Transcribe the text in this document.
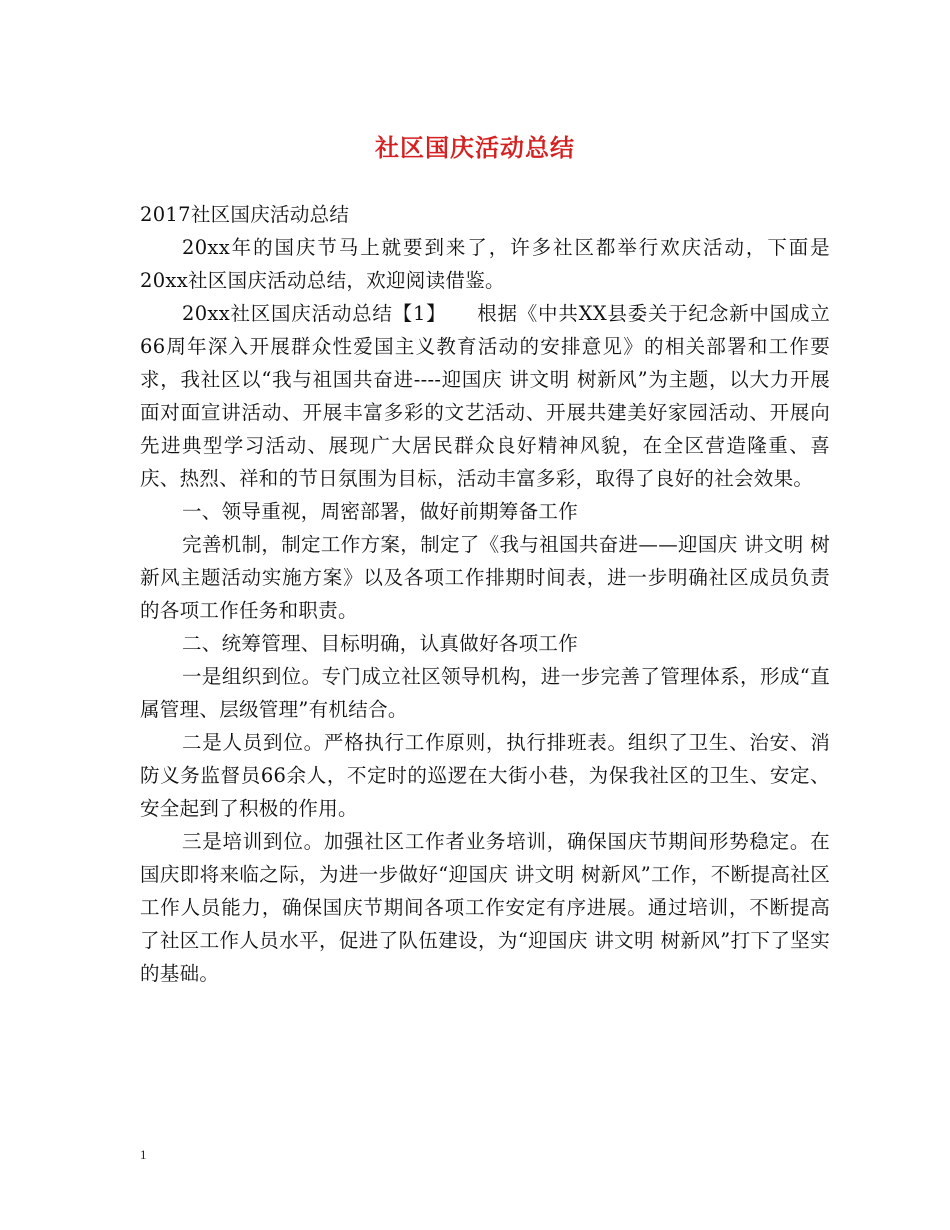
社区国庆活动总结

2017社区国庆活动总结

20xx年的国庆节马上就要到来了，许多社区都举行欢庆活动，下面是20xx社区国庆活动总结，欢迎阅读借鉴。

20xx社区国庆活动总结【1】　　根据《中共XX县委关于纪念新中国成立66周年深入开展群众性爱国主义教育活动的安排意见》的相关部署和工作要求，我社区以“我与祖国共奋进----迎国庆 讲文明 树新风”为主题，以大力开展面对面宣讲活动、开展丰富多彩的文艺活动、开展共建美好家园活动、开展向先进典型学习活动、展现广大居民群众良好精神风貌，在全区营造隆重、喜庆、热烈、祥和的节日氛围为目标，活动丰富多彩，取得了良好的社会效果。

一、领导重视，周密部署，做好前期筹备工作

完善机制，制定工作方案，制定了《我与祖国共奋进——迎国庆 讲文明 树新风主题活动实施方案》以及各项工作排期时间表，进一步明确社区成员负责的各项工作任务和职责。

二、统筹管理、目标明确，认真做好各项工作

一是组织到位。专门成立社区领导机构，进一步完善了管理体系，形成“直属管理、层级管理”有机结合。

二是人员到位。严格执行工作原则，执行排班表。组织了卫生、治安、消防义务监督员66余人，不定时的巡逻在大街小巷，为保我社区的卫生、安定、安全起到了积极的作用。

三是培训到位。加强社区工作者业务培训，确保国庆节期间形势稳定。在国庆即将来临之际，为进一步做好“迎国庆 讲文明 树新风”工作，不断提高社区工作人员能力，确保国庆节期间各项工作安定有序进展。通过培训，不断提高了社区工作人员水平，促进了队伍建设，为“迎国庆 讲文明 树新风”打下了坚实的基础。

1
